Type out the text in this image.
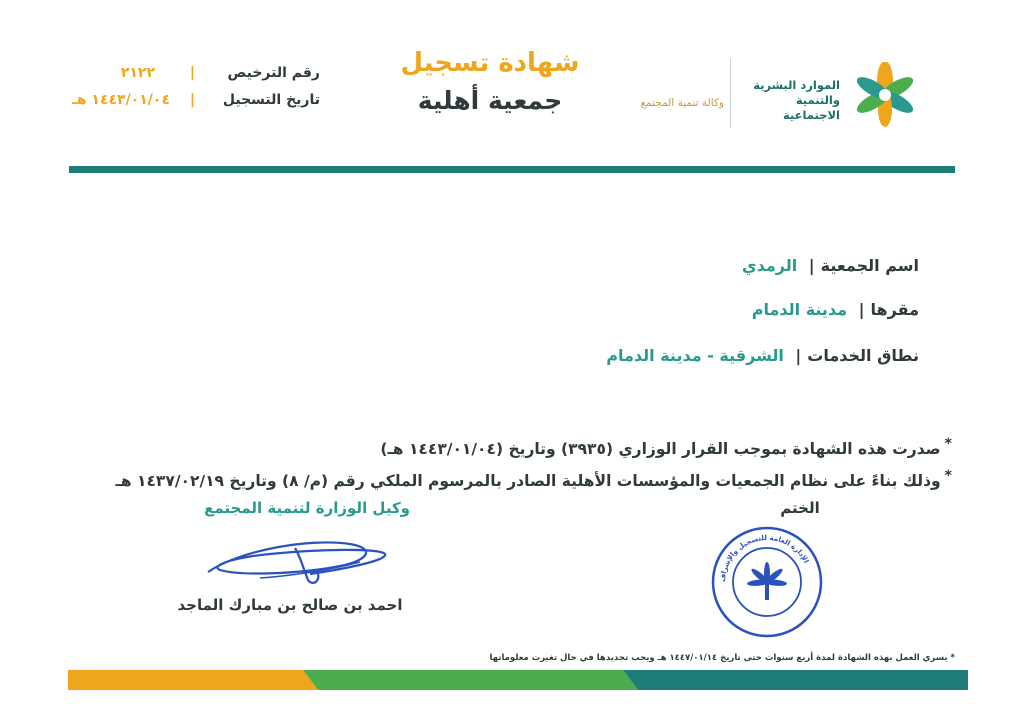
الموارد البشرية
والتنمية الاجتماعية
وكالة تنمية المجتمع
شهادة تسجيل
جمعية أهلية
رقم الترخيص
|
٢١٢٢
تاريخ التسجيل
|
١٤٤٣/٠١/٠٤ هـ
اسم الجمعية| الرمدي
مقرها| مدينة الدمام
نطاق الخدمات| الشرقية - مدينة الدمام
*صدرت هذه الشهادة بموجب القرار الوزاري (٣٩٣٥) وتاريخ (١٤٤٣/٠١/٠٤ هـ)
*وذلك بناءً على نظام الجمعيات والمؤسسات الأهلية الصادر بالمرسوم الملكي رقم (م/ ٨) وتاريخ ١٤٣٧/٠٢/١٩ هـ
الختم
وكيل الوزارة لتنمية المجتمع
احمد بن صالح بن مبارك الماجد
الإدارة العامة للتسجيل والإشراف
* يسري العمل بهذه الشهادة لمدة أربع سنوات حتى تاريخ ١٤٤٧/٠١/١٤ هـ ويجب تجديدها في حال تغيرت معلوماتها
